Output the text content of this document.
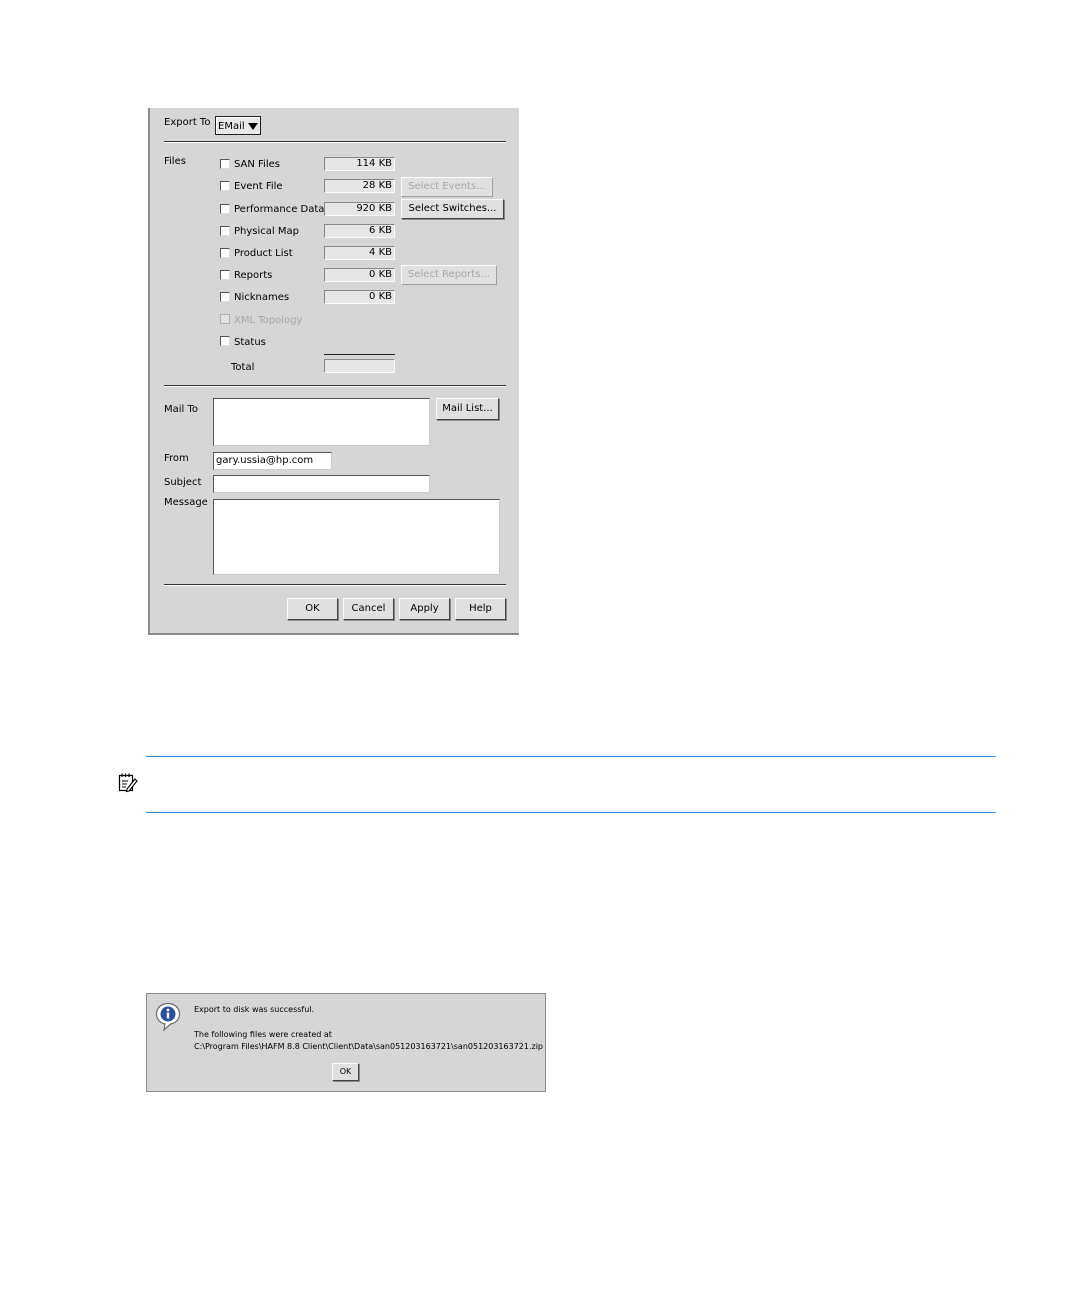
Export To EMail
Files	SAN Files	114 KB
Event File	28 KB	Select Events...
Performance Data	920 KB	Select Switches...
Physical Map	6 KB
Product List	4 KB
Reports	0 KB	Select Reports...
Nicknames	0 KB
XML Topology
Status
Total
Mail To	Mail List...
From	gary.ussia@hp.com
Subject
Message
OK	Cancel	Apply	Help
Export to disk was successful.
The following files were created at
C:\Program Files\HAFM 8.8 Client\Client\Data\san051203163721\san051203163721.zip
OK
